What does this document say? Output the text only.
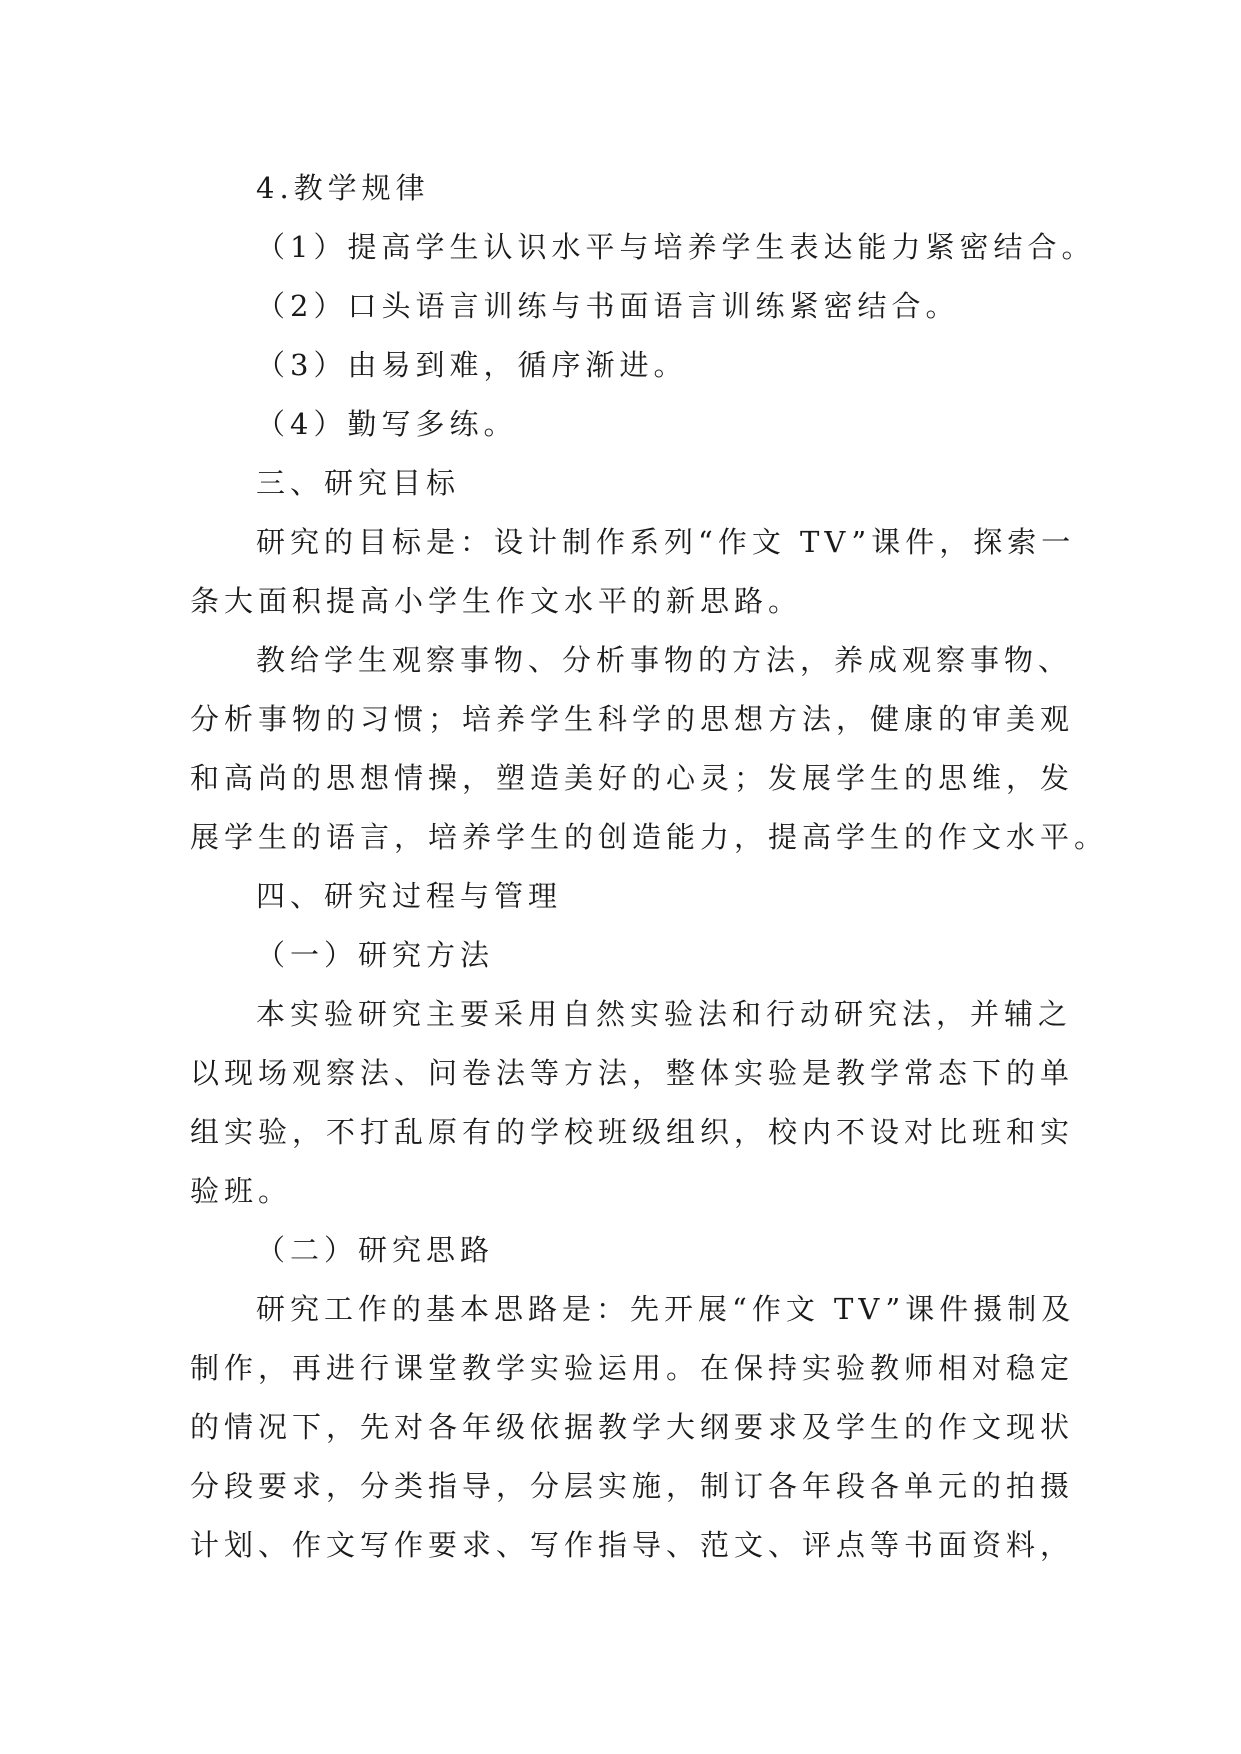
4.教学规律
（1）提高学生认识水平与培养学生表达能力紧密结合。
（2）口头语言训练与书面语言训练紧密结合。
（3）由易到难，循序渐进。
（4）勤写多练。
三、研究目标
研究的目标是：设计制作系列“作文 TV”课件，探索一
条大面积提高小学生作文水平的新思路。
教给学生观察事物、分析事物的方法，养成观察事物、
分析事物的习惯；培养学生科学的思想方法，健康的审美观
和高尚的思想情操，塑造美好的心灵；发展学生的思维，发
展学生的语言，培养学生的创造能力，提高学生的作文水平。
四、研究过程与管理
（一）研究方法
本实验研究主要采用自然实验法和行动研究法，并辅之
以现场观察法、问卷法等方法，整体实验是教学常态下的单
组实验，不打乱原有的学校班级组织，校内不设对比班和实
验班。
（二）研究思路
研究工作的基本思路是：先开展“作文 TV”课件摄制及
制作，再进行课堂教学实验运用。在保持实验教师相对稳定
的情况下，先对各年级依据教学大纲要求及学生的作文现状
分段要求，分类指导，分层实施，制订各年段各单元的拍摄
计划、作文写作要求、写作指导、范文、评点等书面资料，
